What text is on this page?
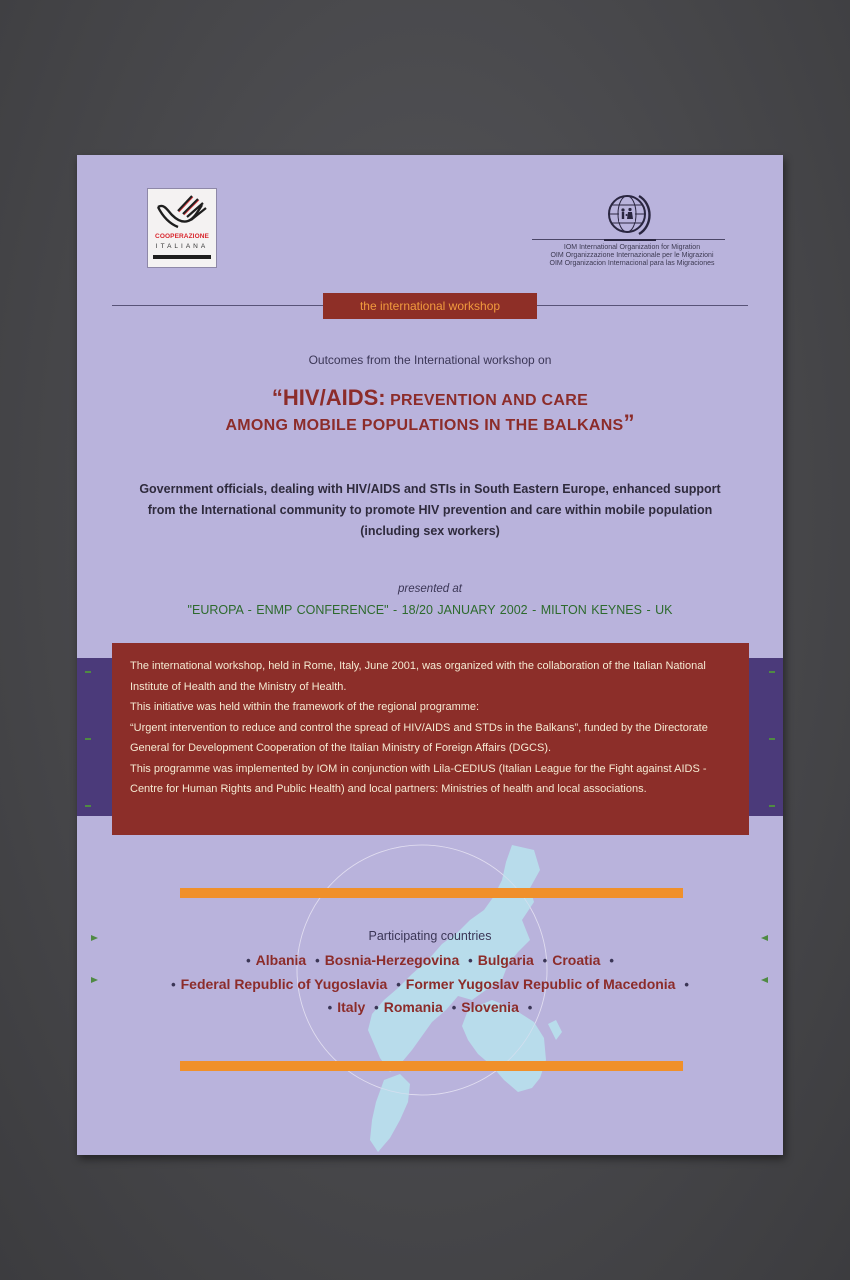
COOPERAZIONE
ITALIANA	IOM International Organization for Migration
OIM Organizzazione Internazionale per le Migrazioni
OIM Organizacion Internacional para las Migraciones
the international workshop
Outcomes from the International workshop on
“HIV/AIDS: PREVENTION AND CARE
AMONG MOBILE POPULATIONS IN THE BALKANS”
Government officials, dealing with HIV/AIDS and STIs in South Eastern Europe, enhanced support from the International community to promote HIV prevention and care within mobile population (including sex workers)
presented at
"EUROPA - ENMP CONFERENCE" - 18/20 JANUARY 2002 - MILTON KEYNES - UK

The international workshop, held in Rome, Italy, June 2001, was organized with the collaboration of the Italian National Institute of Health and the Ministry of Health.
This initiative was held within the framework of the regional programme:
“Urgent intervention to reduce and control the spread of HIV/AIDS and STDs in the Balkans”, funded by the Directorate General for Development Cooperation of the Italian Ministry of Foreign Affairs (DGCS).
This programme was implemented by IOM in conjunction with Lila-CEDIUS (Italian League for the Fight against AIDS - Centre for Human Rights and Public Health) and local partners: Ministries of health and local associations.

Participating countries
• Albania • Bosnia-Herzegovina • Bulgaria • Croatia •
• Federal Republic of Yugoslavia • Former Yugoslav Republic of Macedonia •
• Italy • Romania • Slovenia •
